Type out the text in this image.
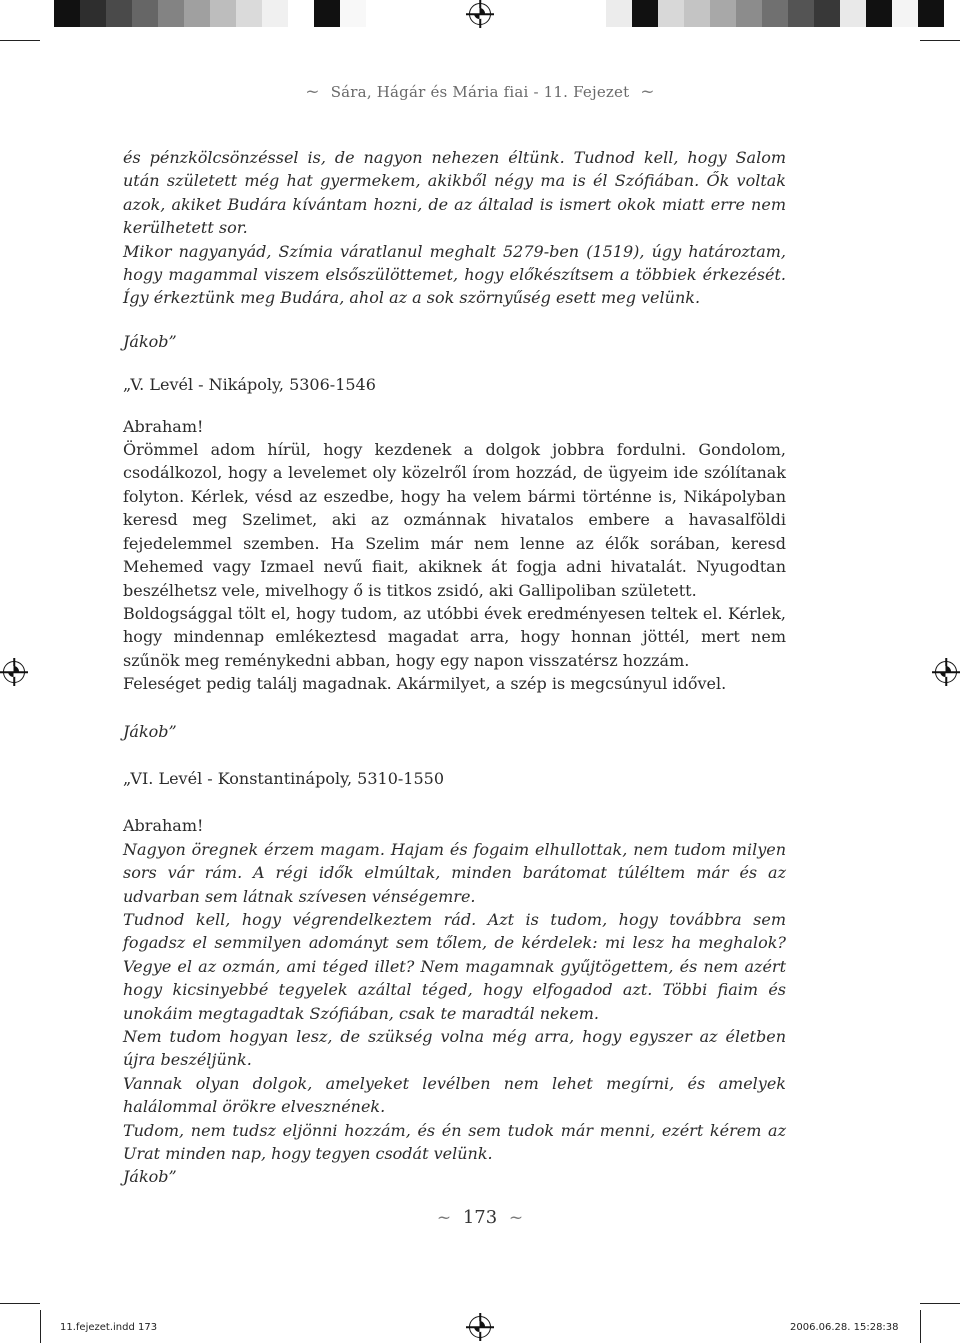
~ Sára, Hágár és Mária fiai - 11. Fejezet ~

és pénzkölcsönzéssel is, de nagyon nehezen éltünk. Tudnod kell, hogy Salom után született még hat gyermekem, akikből négy ma is él Szófiában. Ők voltak azok, akiket Budára kívántam hozni, de az általad is ismert okok miatt erre nem kerülhetett sor.

Mikor nagyanyád, Szímia váratlanul meghalt 5279-ben (1519), úgy határoztam, hogy magammal viszem elsőszülöttemet, hogy előkészítsem a többiek érkezését. Így érkeztünk meg Budára, ahol az a sok szörnyűség esett meg velünk.

Jákob”

„V. Levél - Nikápoly, 5306-1546

Abraham!

Örömmel adom hírül, hogy kezdenek a dolgok jobbra fordulni. Gondolom, csodálkozol, hogy a levelemet oly közelről írom hozzád, de ügyeim ide szólítanak folyton. Kérlek, vésd az eszedbe, hogy ha velem bármi történne is, Nikápolyban keresd meg Szelimet, aki az ozmánnak hivatalos embere a havasalföldi fejedelemmel szemben. Ha Szelim már nem lenne az élők sorában, keresd Mehemed vagy Izmael nevű fiait, akiknek át fogja adni hivatalát. Nyugodtan beszélhetsz vele, mivelhogy ő is titkos zsidó, aki Gallipoliban született.

Boldogsággal tölt el, hogy tudom, az utóbbi évek eredményesen teltek el. Kérlek, hogy mindennap emlékeztesd magadat arra, hogy honnan jöttél, mert nem szűnök meg reménykedni abban, hogy egy napon visszatérsz hozzám.

Feleséget pedig találj magadnak. Akármilyet, a szép is megcsúnyul idővel.

Jákob”

„VI. Levél - Konstantinápoly, 5310-1550

Abraham!

Nagyon öregnek érzem magam. Hajam és fogaim elhullottak, nem tudom milyen sors vár rám. A régi idők elmúltak, minden barátomat túléltem már és az udvarban sem látnak szívesen vénségemre.

Tudnod kell, hogy végrendelkeztem rád. Azt is tudom, hogy továbbra sem fogadsz el semmilyen adományt sem tőlem, de kérdelek: mi lesz ha meghalok? Vegye el az ozmán, ami téged illet? Nem magamnak gyűjtögettem, és nem azért hogy kicsinyebbé tegyelek azáltal téged, hogy elfogadod azt. Többi fiaim és unokáim megtagadtak Szófiában, csak te maradtál nekem.

Nem tudom hogyan lesz, de szükség volna még arra, hogy egyszer az életben újra beszéljünk.

Vannak olyan dolgok, amelyeket levélben nem lehet megírni, és amelyek halálommal örökre elvesznének.

Tudom, nem tudsz eljönni hozzám, és én sem tudok már menni, ezért kérem az Urat minden nap, hogy tegyen csodát velünk.

Jákob”

~ 173 ~
11.fejezet.indd 173	2006.06.28. 15:28:38
